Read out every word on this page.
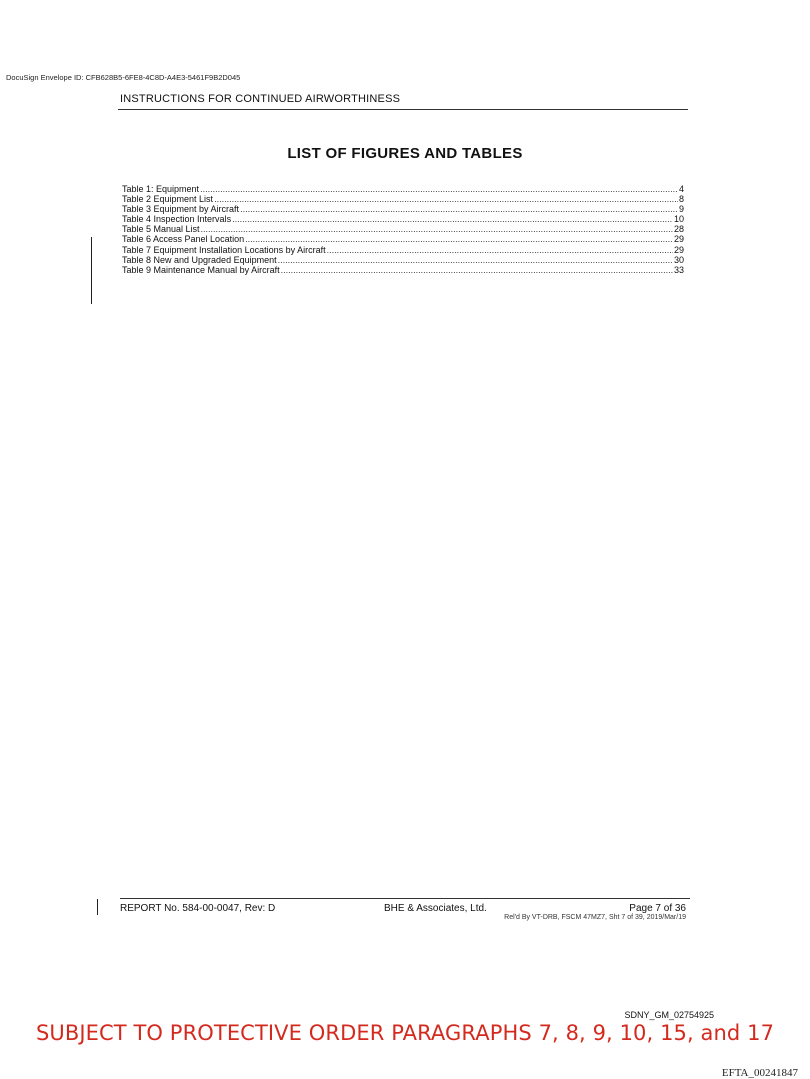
DocuSign Envelope ID: CFB628B5-6FE8-4C8D-A4E3-5461F9B2D045
INSTRUCTIONS FOR CONTINUED AIRWORTHINESS
LIST OF FIGURES AND TABLES
Table 1: Equipment .....	4
Table 2 Equipment List .....	8
Table 3 Equipment by Aircraft .....	9
Table 4 Inspection Intervals .....	10
Table 5 Manual List .....	28
Table 6 Access Panel Location .....	29
Table 7 Equipment Installation Locations by Aircraft .....	29
Table 8 New and Upgraded Equipment .....	30
Table 9 Maintenance Manual by Aircraft .....	33
REPORT No. 584-00-0047, Rev: D	BHE & Associates, Ltd.	Page 7 of 36
Rel'd By VT-DRB, FSCM 47MZ7, Sht 7 of 39, 2019/Mar/19
SDNY_GM_02754925
SUBJECT TO PROTECTIVE ORDER PARAGRAPHS 7, 8, 9, 10, 15, and 17
EFTA_00241847
